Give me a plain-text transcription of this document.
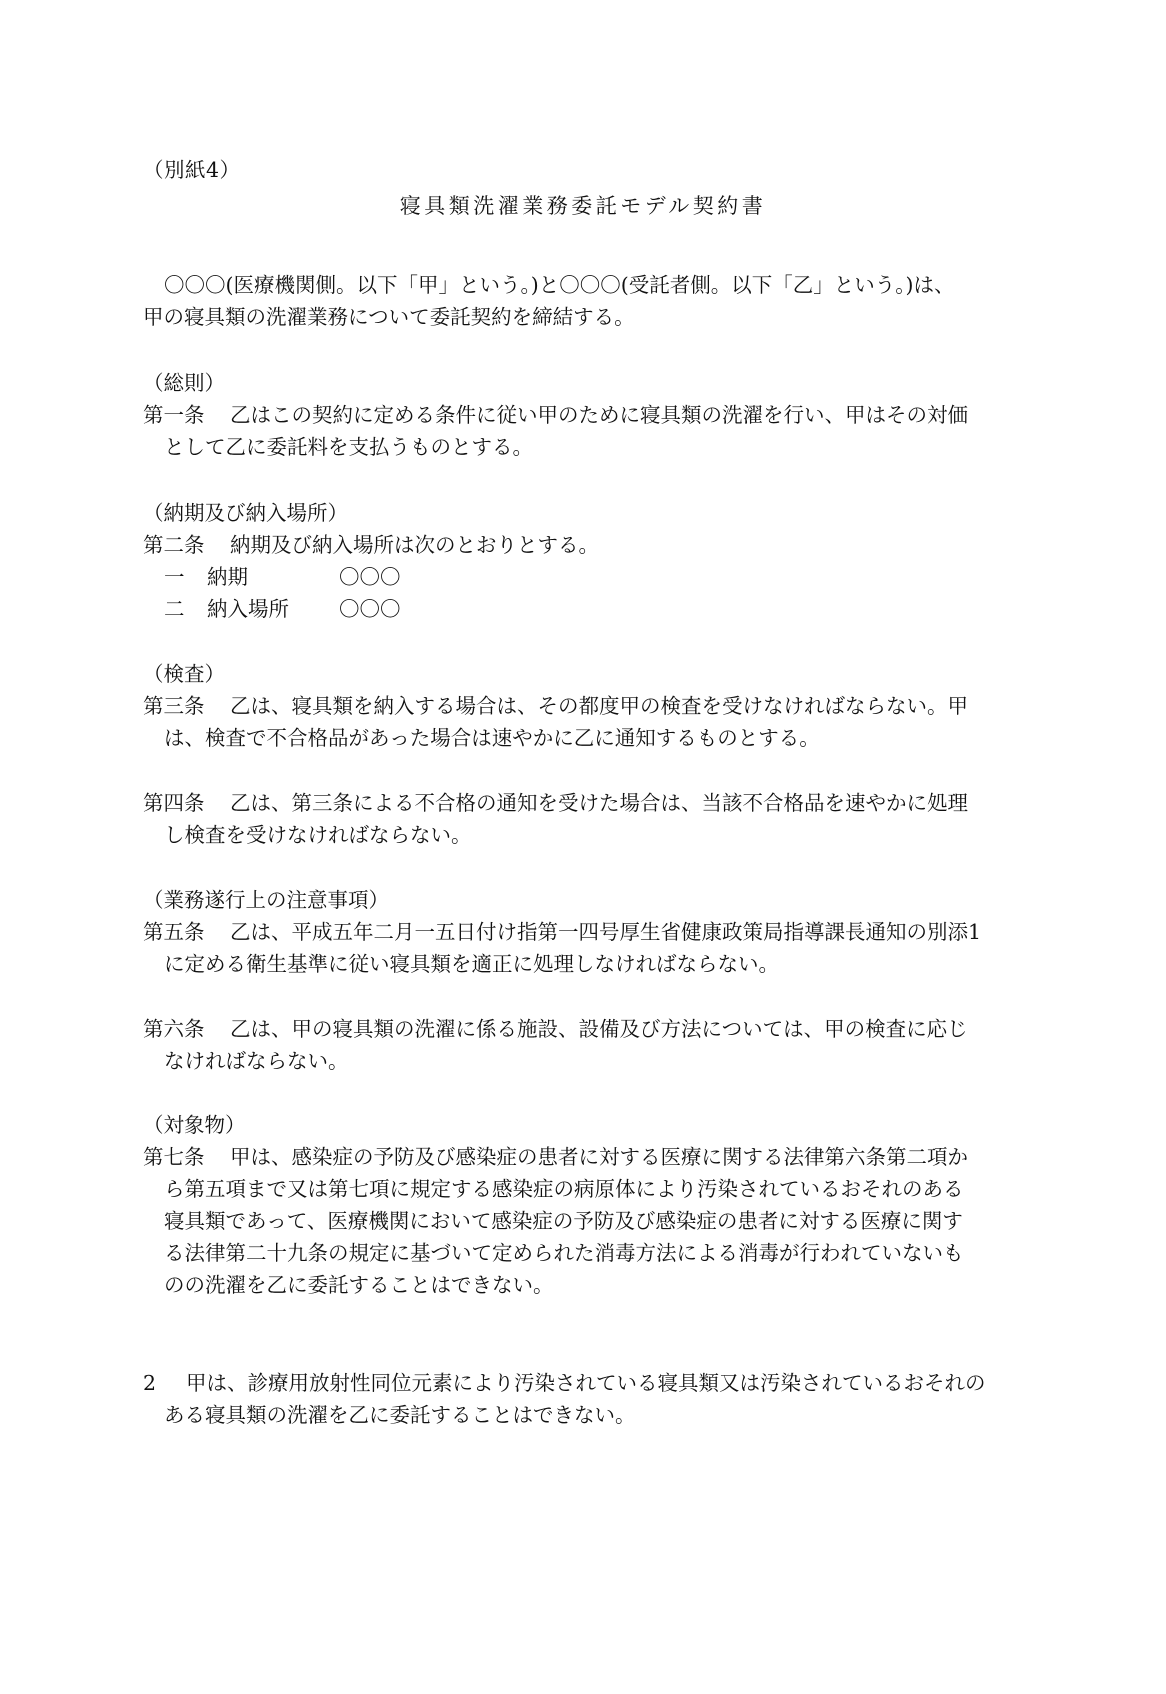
（別紙4）
寝具類洗濯業務委託モデル契約書
〇〇〇(医療機関側。以下「甲」という。)と〇〇〇(受託者側。以下「乙」という。)は、
甲の寝具類の洗濯業務について委託契約を締結する。
（総則）
第一条 乙はこの契約に定める条件に従い甲のために寝具類の洗濯を行い、甲はその対価
として乙に委託料を支払うものとする。
（納期及び納入場所）
第二条 納期及び納入場所は次のとおりとする。
一 納期	〇〇〇
二 納入場所 〇〇〇
（検査）
第三条 乙は、寝具類を納入する場合は、その都度甲の検査を受けなければならない。甲
は、検査で不合格品があった場合は速やかに乙に通知するものとする。
第四条 乙は、第三条による不合格の通知を受けた場合は、当該不合格品を速やかに処理
し検査を受けなければならない。
（業務遂行上の注意事項）
第五条 乙は、平成五年二月一五日付け指第一四号厚生省健康政策局指導課長通知の別添1
に定める衛生基準に従い寝具類を適正に処理しなければならない。
第六条 乙は、甲の寝具類の洗濯に係る施設、設備及び方法については、甲の検査に応じ
なければならない。
（対象物）
第七条 甲は、感染症の予防及び感染症の患者に対する医療に関する法律第六条第二項か
ら第五項まで又は第七項に規定する感染症の病原体により汚染されているおそれのある
寝具類であって、医療機関において感染症の予防及び感染症の患者に対する医療に関す
る法律第二十九条の規定に基づいて定められた消毒方法による消毒が行われていないも
のの洗濯を乙に委託することはできない。
2 甲は、診療用放射性同位元素により汚染されている寝具類又は汚染されているおそれの
ある寝具類の洗濯を乙に委託することはできない。
